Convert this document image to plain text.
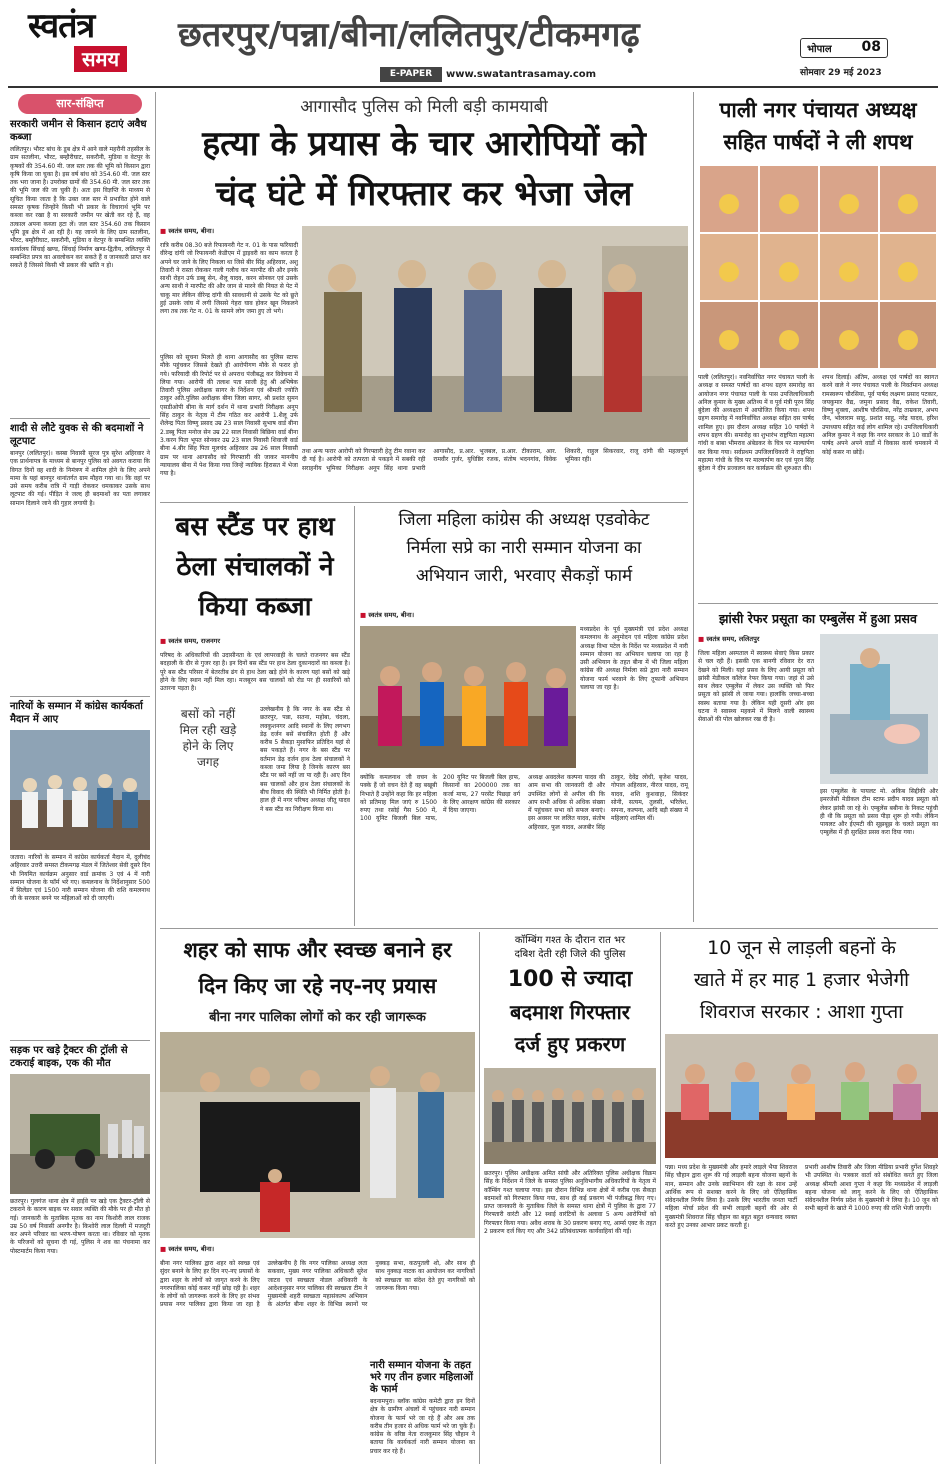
स्वतंत्र
समय
छतरपुर/पन्ना/बीना/ललितपुर/टीकमगढ़
E-PAPER	www.swatantrasamay.com
भोपाल 08
सोमवार 29 मई 2023
सार-संक्षिप्त
सरकारी जमीन से किसान हटाएं अवैध कब्जा
ललितपुर। भौरट बांध के डूब क्षेत्र में आने वाले महरौनी तहसील के ग्राम सतलीना, भौरट, बम्हौरीघाट, सकरौनी, मुडिया व वेटपुर के कृषकों की 354.60 मी. जल स्तर तक की भूमि को किसान द्वारा कृषि किया जा चुका है। इस वर्ष बांध को 354.60 मी. जल स्तर तक भरा जाना है। उपरोक्त ग्रामों की 354.60 मी. जल स्तर तक की भूमि जल की जा चुकी है। अतः इस विज्ञप्ति के माध्यम से सूचित किया जाता है कि उक्त जल स्तर में प्रभावित होने वाले समस्त कृषक जिन्होंने किसी भी प्रकार के विचारार्थ भूमि पर कब्जा कर रखा है या सरकारी जमीन पर खेती कर रहे हैं, वह तत्काल अपना कब्जा हटा लें। जल स्तर 354.60 तक किसान भूमि डूब क्षेत्र में आ रही है। यह जानने के लिए ग्राम सतलीना, भौरट, बम्हौरीघाट, सकरौनी, मुडिया व वेटपुर के सम्बन्धित व्यक्ति कार्यालय सिंचाई खण्ड, सिंचाई निर्माण खण्ड-द्वितीय, ललितपुर में सम्बन्धित प्रपत्र का अवलोकन कर सकते हैं व जानकारी प्राप्त कर सकते हैं जिससे किसी भी प्रकार की भ्रांति न हो।
शादी से लौटे युवक से की बदमाशों ने लूटपाट
बानपुर (ललितपुर)। कस्बा निवासी सूरज पुत्र सुरेश अहिरवार ने एक प्रार्थनापत्र के माध्यम से बानपुर पुलिस को अवगत कराया कि विगत दिनों वह शादी के निमंत्रण में शामिल होने के लिए अपने मामा के यहां बानपुर थानांतर्गत ग्राम मौहरा गया था। कि वहां पर उसे समय करीब रात्रि में गाड़ी रोककर धमकाकर उसके साथ लूटपाट की गई। पीड़ित ने जल्द ही बदमाशों का पता लगाकर सामान दिलाने जाने की गुहार लगायी है।
नारियों के सम्मान में कांग्रेस कार्यकर्ता मैदान में आए
जतारा। नारियों के सम्मान में कांग्रेस कार्यकर्ता मैदान में, दुलीचंद अहिरवार उत्तरी समस्त टीकमगढ़ मंडल में जितेश्वर सेवी दूसरे दिन भी नियमित कार्यक्रम अनुसार वार्ड क्रमांक 3 एवं 4 में नारी सम्मान योजना के फॉर्म भरे गए। कमलनाथ के निर्देशानुसार 500 में सिलेंडर एवं 1500 नारी सम्मान योजना की राशि कमलनाथ जी के सरकार बनने पर महिलाओं को दी जाएगी।
सड़क पर खड़े ट्रैक्टर की ट्रॉली से टकराई बाइक, एक की मौत
छतरपुर। गुलगंज थाना क्षेत्र में हाईवे पर खड़े एक ट्रैक्टर-ट्रॉली से टकराने के कारण बाइक पर सवार व्यक्ति की मौके पर ही मौत हो गई। जानकारी के मुताबिक मृतक का नाम किशोरी लाल राजक उम्र 50 वर्ष निवासी अनगौर है। किशोरी लाल दिल्ली में मजदूरी कर अपने परिवार का भरण-पोषण करता था। रविवार को मृतक के परिजनों को सूचना दी गई, पुलिस ने शव का पंचनामा कर पोस्टमार्टम किया गया।
आगासौद पुलिस को मिली बड़ी कामयाबी
हत्या के प्रयास के चार आरोपियों को
चंद घंटे में गिरफ्तार कर भेजा जेल
■ स्वतंत्र समय, बीना।
रात्रि करीब 08.30 बजे रिफायनरी गेट न. 01 के पास फरियादी वीरेन्द्र दांगी जो रिफायनरी केडीएम में ड्राइवरी का काम करता है अपने घर जाने के लिए निकला था जिसे बीर सिंह अहिरवार, अशु तिवारी ने रास्ता रोककर गाली गलौच कर मारपीट की और इनके साथी रोहन उर्फ डब्बू सेन, शैलू यादव, करन सोनकर एवं उसके अन्य साथी ने मारपीट की और जान से मारने की नियत से पेट में चाकू मार लेकिन वीरेन्द्र दांगी की सावधानी से उसके पेट को छूते हुई उसके जांघ में लगी जिससे गेहरा घाव होकर खून निकलने लगा तब तक गेट न. 01 के सामने लोग जमा हुए तो भगे।
पुलिस को सूचना मिलते ही थाना आगासौद का पुलिस स्टाफ मौके पहुंचकर जिससे देखते ही आरोपीगण मौके से फरार हो गये। फरियादी की रिपोर्ट पर से अपराध पंजीबद्ध कर विवेचना में लिया गया। आरोपी की तलाश पता साजी हेतु श्री अभिषेक तिवारी पुलिस अधीक्षक सागर के निर्देशन एवं श्रीमती ज्योति ठाकुर अति.पुलिस अधीक्षक बीना जिला सागर, श्री प्रशांत सुमन एसडीओपी बीना के मार्ग दर्शन में थाना प्रभारी निरीक्षक अनूप सिंह ठाकुर के नेतृत्व में टीम गठित कर आरोपी 1.शैलू उर्फ शैलेन्द्र पिता विष्णु प्रसाद उम्र 23 साल निवासी सुभाष वार्ड बीना 2.डब्बू पिता मनोज सेन उम्र 22 साल निवासी बिछिया वार्ड बीना 3.करन पिता भूपत सोनकर उम्र 23 साल निवासी शिवाजी वार्ड बीना 4.बीर सिंह पिता मूलचंद अहिरवार उम्र 26 साल निवासी ग्राम पर थाना आगासौद को गिरफ्तारी की जाकर माननीय न्यायालय बीना में पेश किया गया जिन्हें न्यायिक हिरासत में भेजा गया है।
तथा अन्य फरार आरोपी को गिरफ्तारी हेतु टीम रवाना कर दी गई है। आरोपी को तत्परता से पकड़ने में सबकी रही सराहनीय भूमिका निरीक्षक अनूप सिंह थाना प्रभारी आगासौद, प्र.आर. भुजबल, प्र.आर. टीकाराम, आर. रामवीर गुर्जर, युधिष्ठिर रजक, संतोष भदनगांव, विवेक शिकारी, राहुल सिकरवार, राजू दांगी की महत्वपूर्ण भूमिका रही।
पाली नगर पंचायत अध्यक्ष
सहित पार्षदों ने ली शपथ
पाली (ललितपुर)। नवनिर्वाचित नगर पंचायत पाली के अध्यक्ष व समस्त पार्षदों का शपथ ग्रहण समारोह का आयोजन नगर पंचायत पाली के पास उपजिलाधिकारी अनिल कुमार के मुख्य अतिथ्य में व पूर्व मंत्री पूरन सिंह बुंदेला की अध्यक्षता में आयोजित किया गया। शपथ ग्रहण समारोह में नवनिर्वाचित अध्यक्ष सहित दस पार्षद शामिल हुए। इस दौरान अध्यक्ष सहित 10 पार्षदों ने शपथ ग्रहण की। समारोह का शुभारंभ राष्ट्रपिता महात्मा गांधी व बाबा भीमराव अंबेडकर के चित्र पर माल्यार्पण कर किया गया। सर्वप्रथम उपजिलाधिकारी ने राष्ट्रपिता महात्मा गांधी के चित्र पर माल्यार्पण कर एवं पूरन सिंह बुंदेला ने दीप प्रज्वलन कर कार्यक्रम की शुरुआत की।
शपथ दिलाई। अंतिम, अध्यक्ष एवं पार्षदों का स्वागत करने वाले ने नगर पंचायत पाली के निवर्तमान अध्यक्ष रामस्वरूप चौरसिया, पूर्व पार्षद लक्ष्मण प्रसाद पटकार, जयकुमार वैद्य, जमुना प्रसाद वैद्य, राकेश तिवारी, विष्णु शुक्ला, आशीष चौरसिया, नरेंद्र ताम्रकार, अभय जैन, भोलाराम साहू, प्रशांत साहू, नरेंद्र यादव, हरिश उपाध्याय सहित कई लोग शामिल रहे। उपजिलाधिकारी अनिल कुमार ने कहा कि नगर सरकार के 10 वार्डों के पार्षद अपने अपने वार्डों में विकास कार्य चमकाने में कोई कसर ना छोड़ें।
बस स्टैंड पर हाथ
ठेला संचालकों ने
किया कब्जा
■ स्वतंत्र समय, राजनगर
परिषद के अधिकारियों की उदासीनता के एवं लापरवाही के चलते राजनगर बस स्टैंड बदहाली के दौर से गुजर रहा है। इन दिनों बस स्टैंड पर हाथ ठेला दुकानदारों का कब्जा है। पूरे बस स्टैंड परिसर में बेतरतीब ढंग से हाथ ठेला खड़े होने के कारण यहां बसों को खड़े होने के लिए स्थान नहीं मिल रहा। मजबूरन बस चालकों को रोड पर ही सवारियों को उतारना पड़ता है।
बसों को नहीं
मिल रही खड़े
होने के लिए
जगह
उल्लेखनीय है कि नगर के बस स्टैंड से छतरपुर, पन्ना, सतना, महोबा, चंदला, लवकुशनगर आदि स्थानों के लिए लगभग डेढ़ दर्जन बसें संचालित होती हैं और करीब 5 सैकड़ा मुसाफिर प्रतिदिन यहां से बस पकड़ते हैं। नगर के बस स्टैंड पर वर्तमान डेढ़ दर्जन हाथ ठेला संचालकों ने कब्जा जमा लिया है जिनके कारण बस स्टैंड पर बसें नहीं जा पा रही हैं। आए दिन बस चालकों और हाथ ठेला संचालकों के बीच विवाद की स्थिति भी निर्मित होती है। हाल ही में नगर परिषद अध्यक्ष जीतू यादव ने बस स्टैंड का निरीक्षण किया था।
जिला महिला कांग्रेस की अध्यक्ष एडवोकेट
निर्मला सप्रे का नारी सम्मान योजना का
अभियान जारी, भरवाए सैकड़ों फार्म
■ स्वतंत्र समय, बीना।
मध्यप्रदेश के पूर्व मुख्यमंत्री एवं प्रदेश अध्यक्ष कमलनाथ के अनुमोदन एवं महिला कांग्रेस प्रदेश अध्यक्ष विभा पटेल के निर्देश पर मध्यप्रदेश में नारी सम्मान योजना का अभियान चलाया जा रहा है उसी अभियान के तहत बीना में भी जिला महिला कांग्रेस की अध्यक्ष निर्मला सप्रे द्वारा नारी सम्मान योजना फार्म भरवाने के लिए तूफानी अभियान चलाया जा रहा है।
क्योंकि कमलनाथ जी वचन के पक्के हैं जो वचन देते हैं वह बखूबी निभाते हैं उन्होंने कहा कि हर महिला को प्रतिमाह मिल जाएं रु 1500 रुपए तथा रसोई गैस 500 में, 100 यूनिट बिजली बिल माफ, 200 यूनिट पर बिजली बिल हाफ, किसानों का 200000 तक का कर्जा माफ, 27 परसेंट पिछड़ा वर्ग के लिए आरक्षण कांग्रेस की सरकार में दिया जाएगा।
अध्यक्ष अवदलेश कल्पना यादव की आम सभा की जानकारी दी और उपस्थित लोगों से अपील की कि आप सभी अधिक से अधिक संख्या में पहुंचकर सभा को सफल बनाएं। इस अवसर पर ललित यादव, संतोष अहिरवार, फूल यादव, अजबीर सिंह ठाकुर, देवेंद्र लोधी, बृजेश यादव, गोपाल अहिरवार, नीरज यादव, रामू यादव, शशि कुशवाहा, सिकंदर सोनी, सत्यम, तुलसी, भरिलेश, सपना, कल्पना, आदि बड़ी संख्या में महिलाएं शामिल थीं।
झांसी रेफर प्रसूता का एम्बुलेंस में हुआ प्रसव
■ स्वतंत्र समय, ललितपुर
जिला महिला अस्पताल में स्वास्थ्य सेवाएं किस प्रकार से चल रही हैं। इसकी एक बानगी रविवार देर रात देखने को मिली। यहां प्रसव के लिए आयी प्रसूता को झांसी मेडीकल कॉलेज रेफर किया गया। जहां से उसे साथ लेकर एम्बुलेंस में लेकर उस व्यक्ति को फिर प्रसूता को झांसी ले जाया गया। हालांकि जच्चा-बच्चा स्वस्थ बताया गया है। लेकिन यही दूसरी ओर इस घटना ने स्वास्थ्य महकमे में मिलने वाली स्वास्थ्य सेवाओं की पोल खोलकर रख दी है।
इस एम्बुलेंस के पायलट मो. अकिब सिद्दीकी और इमरजेंसी मेडीकल टीम स्टाफ प्रदीप यादव प्रसूता को लेकर झांसी जा रहे थे। एम्बुलेंस बबीना के निकट पहुंची ही थी कि प्रसूता को प्रसव पीड़ा शुरू हो गयी। लेकिन पायलट और ईएमटी की सूझबूझ के चलते प्रसूता का एम्बुलेंस में ही सुरक्षित प्रसव करा दिया गया।
शहर को साफ और स्वच्छ बनाने हर
दिन किए जा रहे नए-नए प्रयास
बीना नगर पालिका लोगों को कर रही जागरूक
■ स्वतंत्र समय, बीना।
बीना नगर पालिका द्वारा शहर को स्वच्छ एवं सुंदर बनाने के लिए हर दिन नए-नए प्रयासों के द्वारा शहर के लोगों को जागृत करने के लिए नगरपालिका कोई कसर नहीं छोड़ रही है। शहर के लोगों को जागरूक करने के लिए हर संभव प्रयास नगर पालिका द्वारा किया जा रहा है उल्लेखनीय है कि नगर पालिका अध्यक्ष लता सकवार, मुख्य नगर पालिका अधिकारी सुरेश जाटव एवं स्वच्छता नोडल अधिकारी के आदेशानुसार नगर पालिका की स्वच्छता टीम ने मुख्यमंत्री शहरी स्वच्छता महासंकल्प अभियान के अंतर्गत बीना शहर के विभिन्न स्थानों पर नुक्कड़ सभा, कठपुतली शो, और साथ ही साथ नुक्कड़ नाटक का आयोजन कर नागरिकों को स्वच्छता का संदेश देते हुए नागरिकों को जागरूक किया गया।
नारी सम्मान योजना के तहत भरे गए तीन हजार महिलाओं के फार्म
बदनामपुरा। ब्लॉक कांग्रेस कमेटी द्वारा इन दिनों क्षेत्र के ग्रामीण अंचलों में पहुंचकर नारी सम्मान योजना के फार्म भरे जा रहे हैं और अब तक करीब तीन हजार से अधिक फार्म भरे जा चुके हैं। कांग्रेस के वरिष्ठ नेता राजकुमार सिंह चौहान ने बताया कि कार्यकर्ता नारी सम्मान योजना का प्रचार कर रहे हैं।
कॉम्बिंग गश्त के दौरान रात भर
दबिश देती रही जिले की पुलिस
100 से ज्यादा
बदमाश गिरफ्तार
दर्ज हुए प्रकरण
छतरपुर। पुलिस अधीक्षक अमित सांघी और अतिरिक्त पुलिस अधीक्षक विक्रम सिंह के निर्देशन में जिले के समस्त पुलिस अनुविभागीय अधिकारियों के नेतृत्व में कॉम्बिंग गश्त चलाया गया। इस दौरान विभिन्न थाना क्षेत्रों में करीब एक सैकड़ा बदमाशों को गिरफ्तार किया गया, साथ ही कई प्रकरण भी पंजीबद्ध किए गए। प्राप्त जानकारी के मुताबिक जिले के समस्त थाना क्षेत्रों में पुलिस के द्वारा 77 गिरफ्तारी वारंटी और 12 स्थाई वारंटियों के अलावा 5 अन्य आरोपियों को गिरफ्तार किया गया। अवैध शराब के 30 प्रकरण बनाए गए, आर्म्स एक्ट के तहत 2 प्रकरण दर्ज किए गए और 342 प्रतिबंधात्मक कार्यवाहियां की गईं।
10 जून से लाड़ली बहनों के
खाते में हर माह 1 हजार भेजेगी
शिवराज सरकार : आशा गुप्ता
पन्ना। मध्य प्रदेश के मुख्यमंत्री और हमारे लाड़ले भैया शिवराज सिंह चौहान द्वारा शुरू की गई लाड़ली बहना योजना बहनों के मान, सम्मान और उनके स्वाभिमान की रक्षा के साथ उन्हें आर्थिक रूप से सशक्त करने के लिए जो ऐतिहासिक संवेदनशील निर्णय लिया है। उसके लिए भारतीय जनता पार्टी महिला मोर्चा प्रदेश की सभी लाड़ली बहनों की ओर से मुख्यमंत्री शिवराज सिंह चौहान का बहुत बहुत धन्यवाद व्यक्त करते हुए उनका आभार प्रकट करती हूं।
प्रभारी आशीष तिवारी और जिला मीडिया प्रभारी दुर्गेश शिवहरे भी उपस्थित थे। पत्रकार वार्ता को संबोधित करते हुए जिला अध्यक्ष श्रीमती आशा गुप्ता ने कहा कि मध्यप्रदेश में लाड़ली बहना योजना को लागू करने के लिए जो ऐतिहासिक संवेदनशील निर्णय प्रदेश के मुख्यमंत्री ने लिया है। 10 जून को सभी बहनों के खाते में 1000 रुपए की राशि भेजी जाएगी।
